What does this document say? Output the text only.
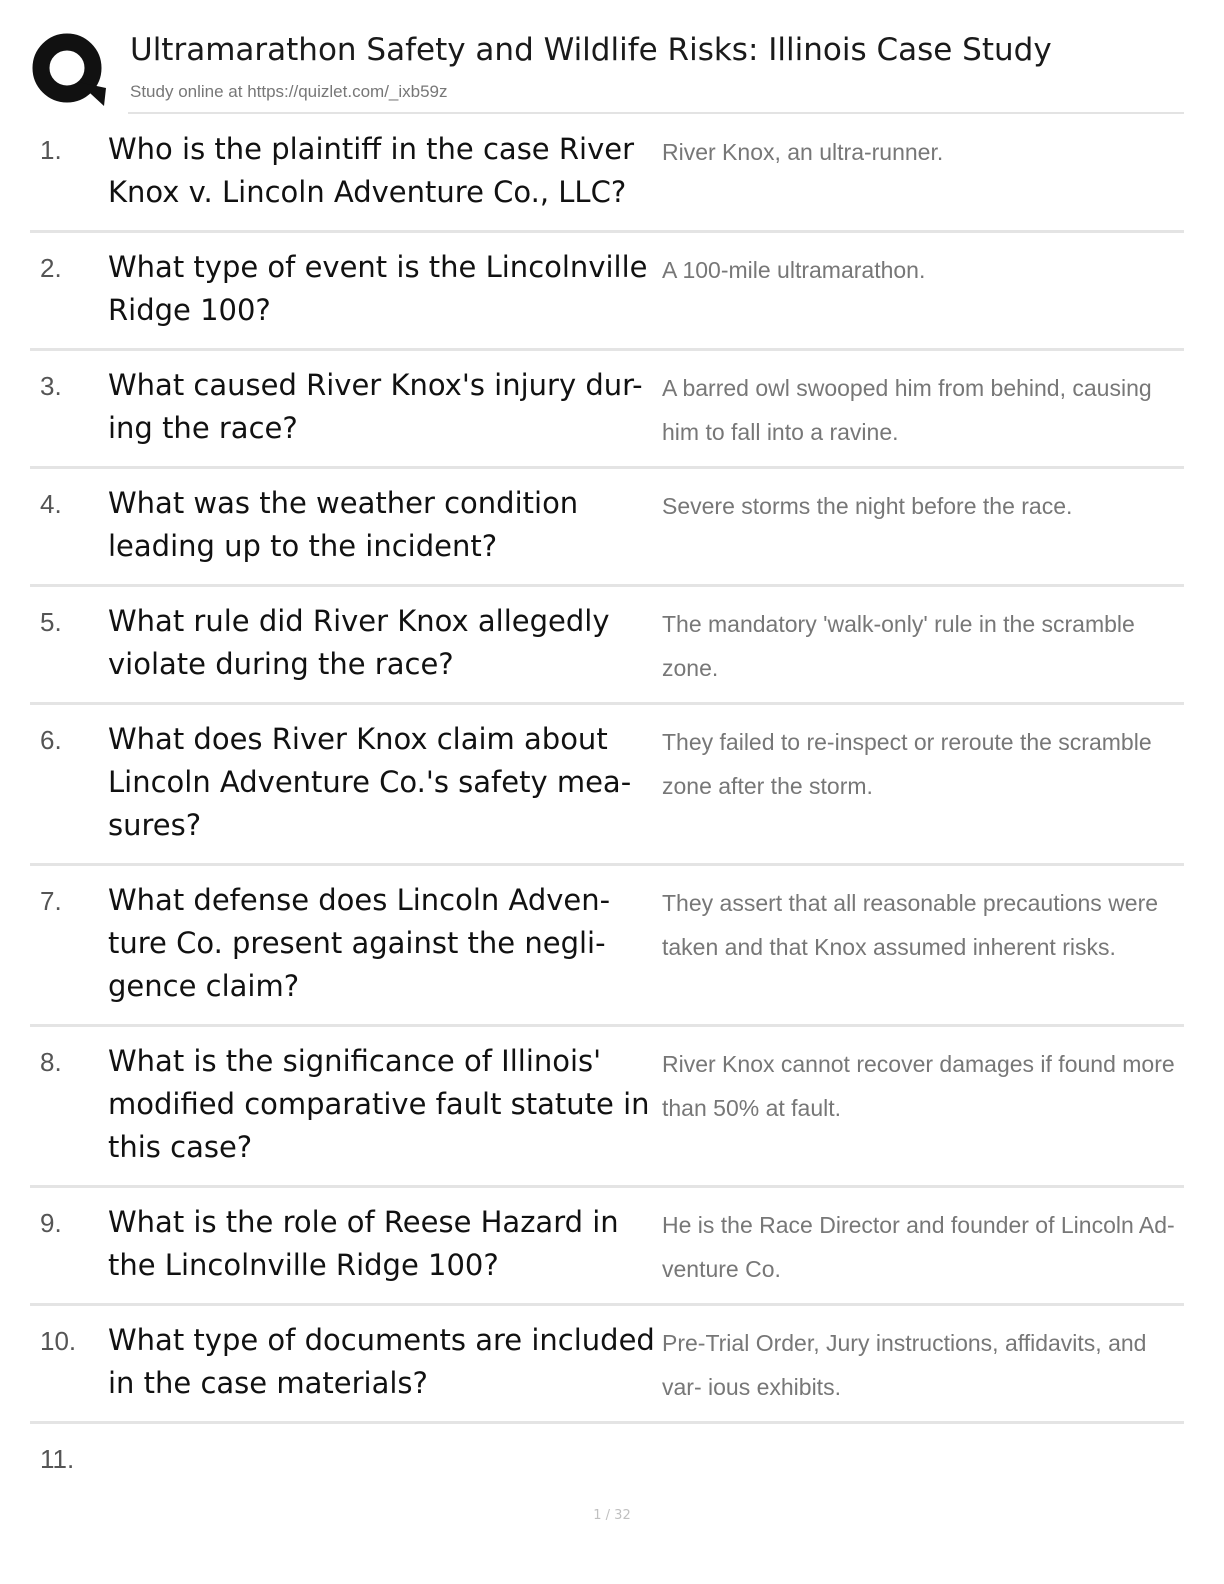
Ultramarathon Safety and Wildlife Risks: Illinois Case Study
Study online at https://quizlet.com/_ixb59z
1. Who is the plaintiff in the case River Knox v. Lincoln Adventure Co., LLC?
River Knox, an ultra-runner.
2. What type of event is the Lincolnville Ridge 100?
A 100-mile ultramarathon.
3. What caused River Knox's injury dur- ing the race?
A barred owl swooped him from behind, causing him to fall into a ravine.
4. What was the weather condition leading up to the incident?
Severe storms the night before the race.
5. What rule did River Knox allegedly violate during the race?
The mandatory 'walk-only' rule in the scramble zone.
6. What does River Knox claim about Lincoln Adventure Co.'s safety mea- sures?
They failed to re-inspect or reroute the scramble zone after the storm.
7. What defense does Lincoln Adven- ture Co. present against the negli- gence claim?
They assert that all reasonable precautions were taken and that Knox assumed inherent risks.
8. What is the significance of Illinois' modified comparative fault statute in this case?
River Knox cannot recover damages if found more than 50% at fault.
9. What is the role of Reese Hazard in the Lincolnville Ridge 100?
He is the Race Director and founder of Lincoln Ad- venture Co.
10. What type of documents are included in the case materials?
Pre-Trial Order, Jury instructions, affidavits, and var- ious exhibits.
11.
1 / 32
